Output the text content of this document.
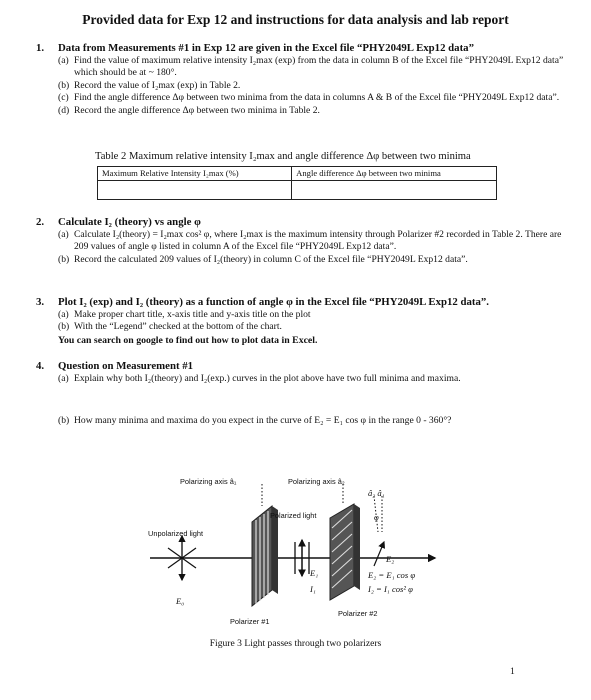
Provided data for Exp 12 and instructions for data analysis and lab report
1. Data from Measurements #1 in Exp 12 are given in the Excel file “PHY2049L Exp12 data”
(a) Find the value of maximum relative intensity I₂max (exp) from the data in column B of the Excel file “PHY2049L Exp12 data” which should be at ~ 180°.
(b) Record the value of I₂max (exp) in Table 2.
(c) Find the angle difference Δφ between two minima from the data in columns A & B of the Excel file “PHY2049L Exp12 data”.
(d) Record the angle difference Δφ between two minima in Table 2.
Table 2 Maximum relative intensity I₂max and angle difference Δφ between two minima
Maximum Relative Intensity I₂max (%)	Angle difference Δφ between two minima

2. Calculate I₂ (theory) vs angle φ
(a) Calculate I₂(theory) = I₂max cos² φ, where I₂max is the maximum intensity through Polarizer #2 recorded in Table 2. There are 209 values of angle φ listed in column A of the Excel file “PHY2049L Exp12 data”.
(b) Record the calculated 209 values of I₂(theory) in column C of the Excel file “PHY2049L Exp12 data”.
3. Plot I₂ (exp) and I₂ (theory) as a function of angle φ in the Excel file “PHY2049L Exp12 data”.
(a) Make proper chart title, x-axis title and y-axis title on the plot
(b) With the “Legend” checked at the bottom of the chart.
You can search on google to find out how to plot data in Excel.
4. Question on Measurement #1
(a) Explain why both I₂(theory) and I₂(exp.) curves in the plot above have two full minima and maxima.
(b) How many minima and maxima do you expect in the curve of E₂ = E₁ cos φ in the range 0 - 360°?
Polarizing axis â₁	Polarizing axis â₂
Polarized light
Unpolarized light
E₀
E₁
I₁
â₂ â₁
φ
E₂
E₂ = E₁ cos φ
I₂ = I₁ cos² φ
Polarizer #1
Polarizer #2
Figure 3 Light passes through two polarizers
1
